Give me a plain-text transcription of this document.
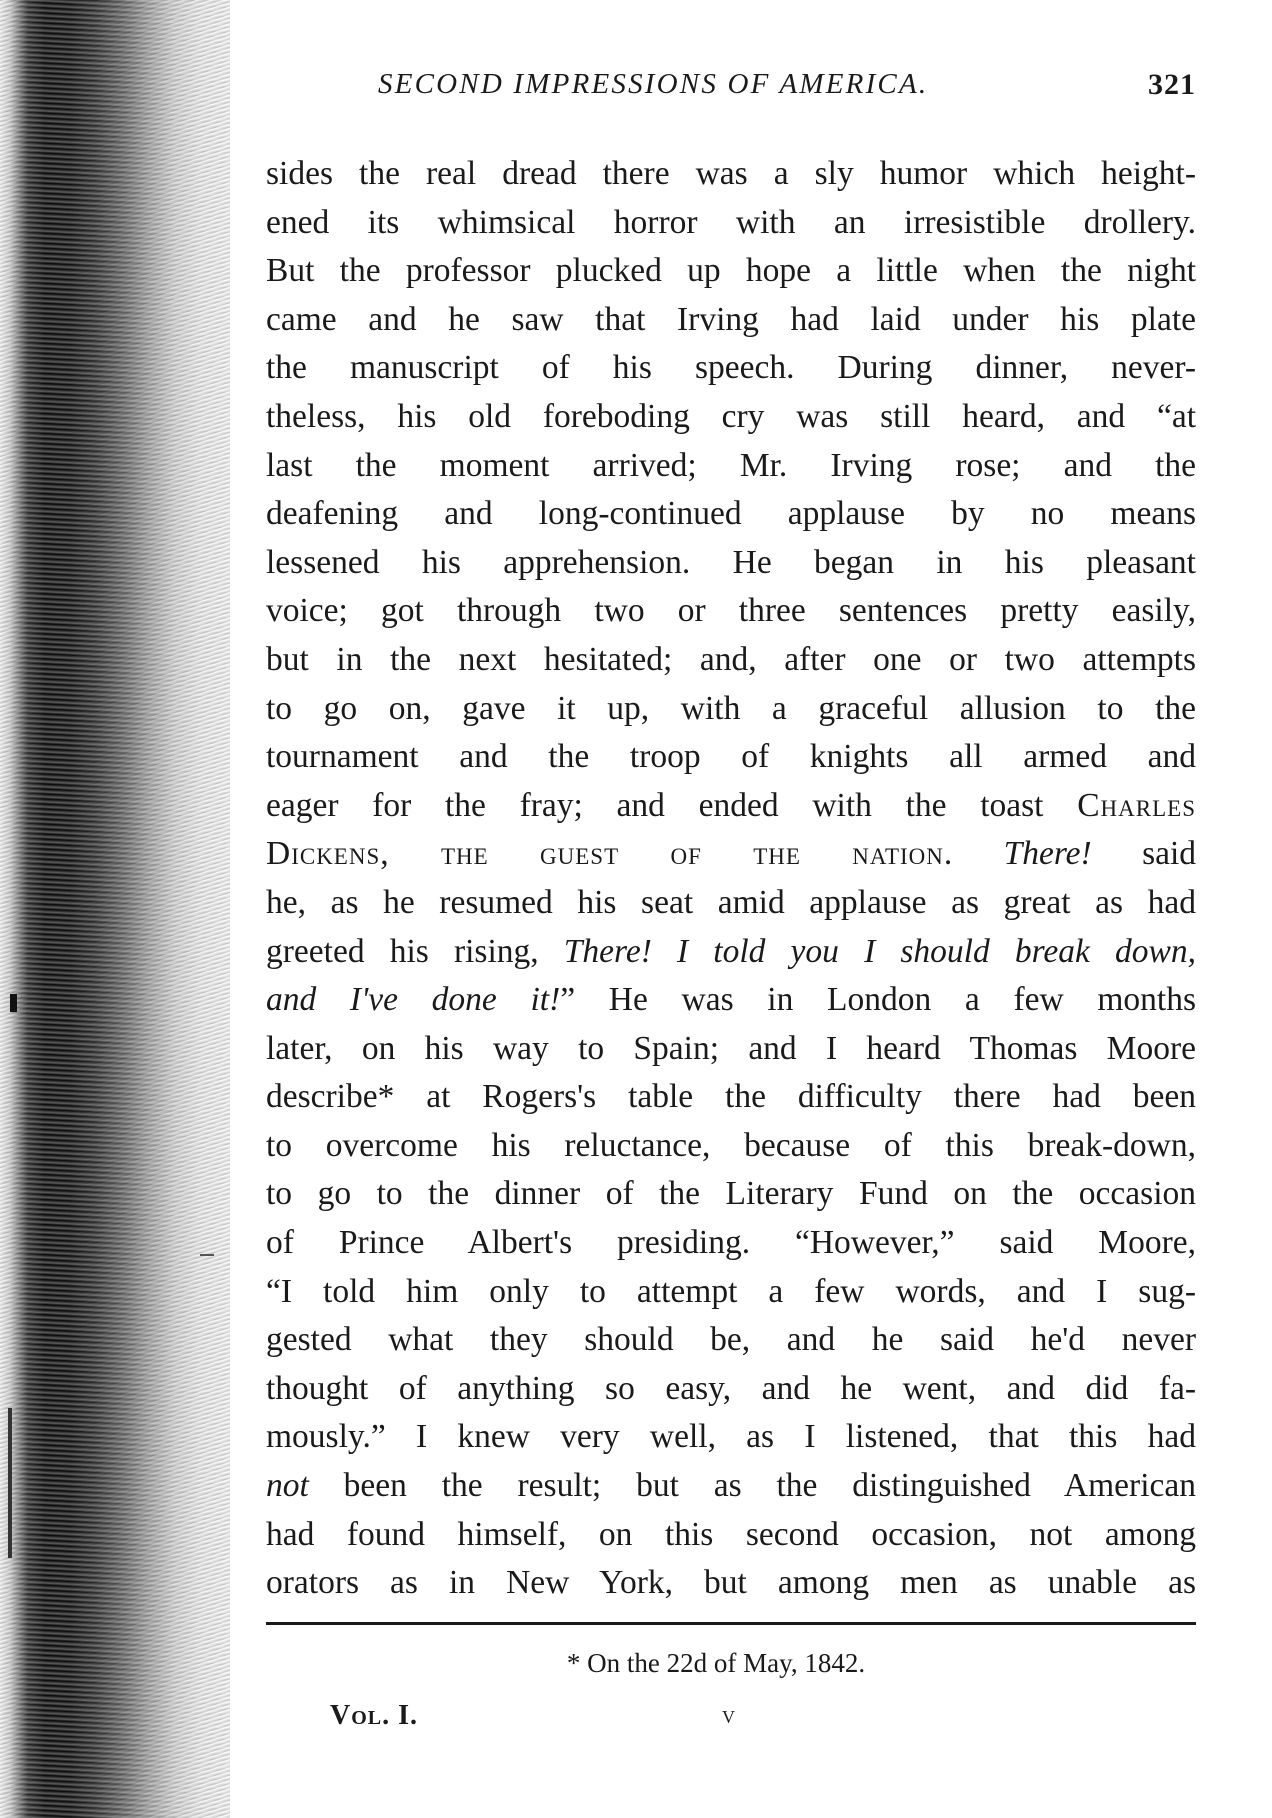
SECOND IMPRESSIONS OF AMERICA.	321
sides the real dread there was a sly humor which height-
ened its whimsical horror with an irresistible drollery.
But the professor plucked up hope a little when the night
came and he saw that Irving had laid under his plate
the manuscript of his speech. During dinner, never-
theless, his old foreboding cry was still heard, and “at
last the moment arrived; Mr. Irving rose; and the
deafening and long-continued applause by no means
lessened his apprehension. He began in his pleasant
voice; got through two or three sentences pretty easily,
but in the next hesitated; and, after one or two attempts
to go on, gave it up, with a graceful allusion to the
tournament and the troop of knights all armed and
eager for the fray; and ended with the toast Charles
Dickens, the guest of the nation. There! said
he, as he resumed his seat amid applause as great as had
greeted his rising, There! I told you I should break down,
and I've done it!” He was in London a few months
later, on his way to Spain; and I heard Thomas Moore
describe* at Rogers's table the difficulty there had been
to overcome his reluctance, because of this break-down,
to go to the dinner of the Literary Fund on the occasion
of Prince Albert's presiding. “However,” said Moore,
“I told him only to attempt a few words, and I sug-
gested what they should be, and he said he'd never
thought of anything so easy, and he went, and did fa-
mously.” I knew very well, as I listened, that this had
not been the result; but as the distinguished American
had found himself, on this second occasion, not among
orators as in New York, but among men as unable as
* On the 22d of May, 1842.
Vol. I.	v
